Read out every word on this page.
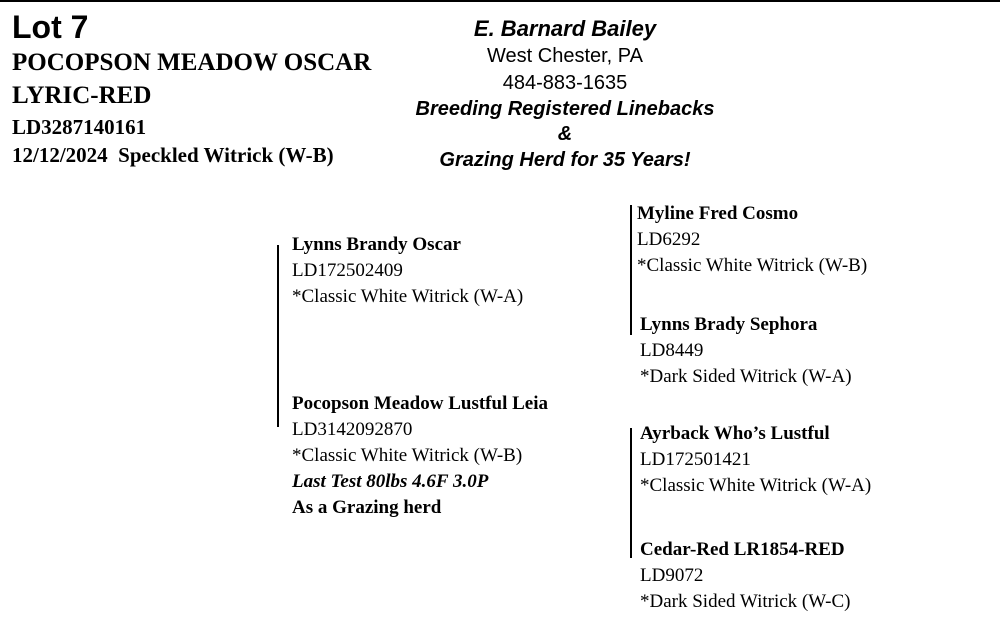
Lot 7
POCOPSON MEADOW OSCAR
LYRIC-RED
LD3287140161
12/12/2024 Speckled Witrick (W-B)
E. Barnard Bailey
West Chester, PA
484-883-1635
Breeding Registered Linebacks
&
Grazing Herd for 35 Years!
Lynns Brandy Oscar
LD172502409
*Classic White Witrick (W-A)
Pocopson Meadow Lustful Leia
LD3142092870
*Classic White Witrick (W-B)
Last Test 80lbs 4.6F 3.0P
As a Grazing herd
Myline Fred Cosmo
LD6292
*Classic White Witrick (W-B)
Lynns Brady Sephora
LD8449
*Dark Sided Witrick (W-A)
Ayrback Who’s Lustful
LD172501421
*Classic White Witrick (W-A)
Cedar-Red LR1854-RED
LD9072
*Dark Sided Witrick (W-C)
